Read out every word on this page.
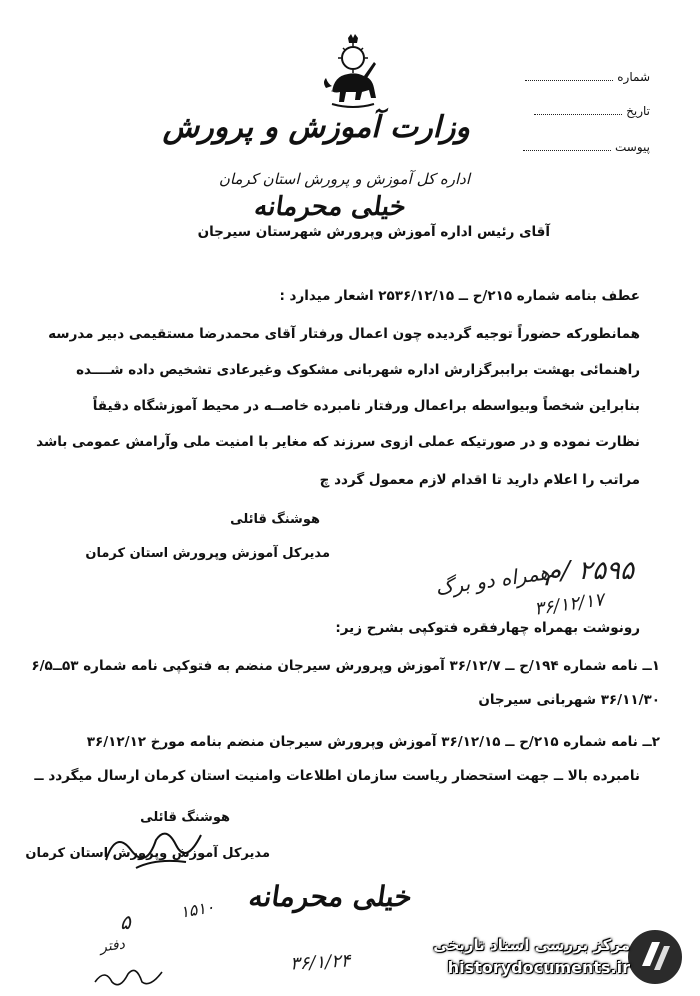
شماره
تاریخ
پیوست
وزارت آموزش و پرورش
اداره کل آموزش و پرورش استان کرمان
خیلی محرمانه
آقای رئیس اداره آموزش وپرورش شهرستان سیرجان
عطف بنامه شماره ۲۱۵/ح ــ ۲۵۳۶/۱۲/۱۵ اشعار میدارد :
همانطورکه حضوراً توجیه گردیده چون اعمال ورفتار آقای محمدرضا مستقیمی دبیر مدرسه
راهنمائی بهشت براببرگزارش اداره شهربانی مشکوک وغیرعادی تشخیص داده شــــده
بنابراین شخصاً وبیواسطه براعمال ورفتار نامبرده خاصــه در محیط آموزشگاه دقیقاً
نظارت نموده و در صورتیکه عملی ازوی سرزند که مغایر با امنیت ملی وآرامش عمومی باشد
مراتب را اعلام دارید تا اقدام لازم معمول گردد چ
هوشنگ قائلی
مدیرکل آموزش وپرورش استان کرمان
۲۵۹۵ /م
همراه دو برگ
۳۶/۱۲/۱۷
رونوشت بهمراه چهارفقره فتوکپی بشرح زیر:
۱ــ نامه شماره ۱۹۴/ح ــ ۳۶/۱۲/۷ آموزش وپرورش سیرجان منضم به فتوکپی نامه شماره ۵۳ــ۶/۵
۳۶/۱۱/۳۰ شهربانی سیرجان
۲ــ نامه شماره ۲۱۵/ح ــ ۳۶/۱۲/۱۵ آموزش وپرورش سیرجان منضم بنامه مورخ ۳۶/۱۲/۱۲
نامبرده بالا ــ جهت استحضار ریاست سازمان اطلاعات وامنیت استان کرمان ارسال میگردد ــ
هوشنگ قائلی
مدیرکل آموزش وپرورش استان کرمان
خیلی محرمانه
۱۵۱۰
۵
۳۶/۱/۲۴
دفتر	مرکز بررسی اسناد تاریخی
historydocuments.ir
